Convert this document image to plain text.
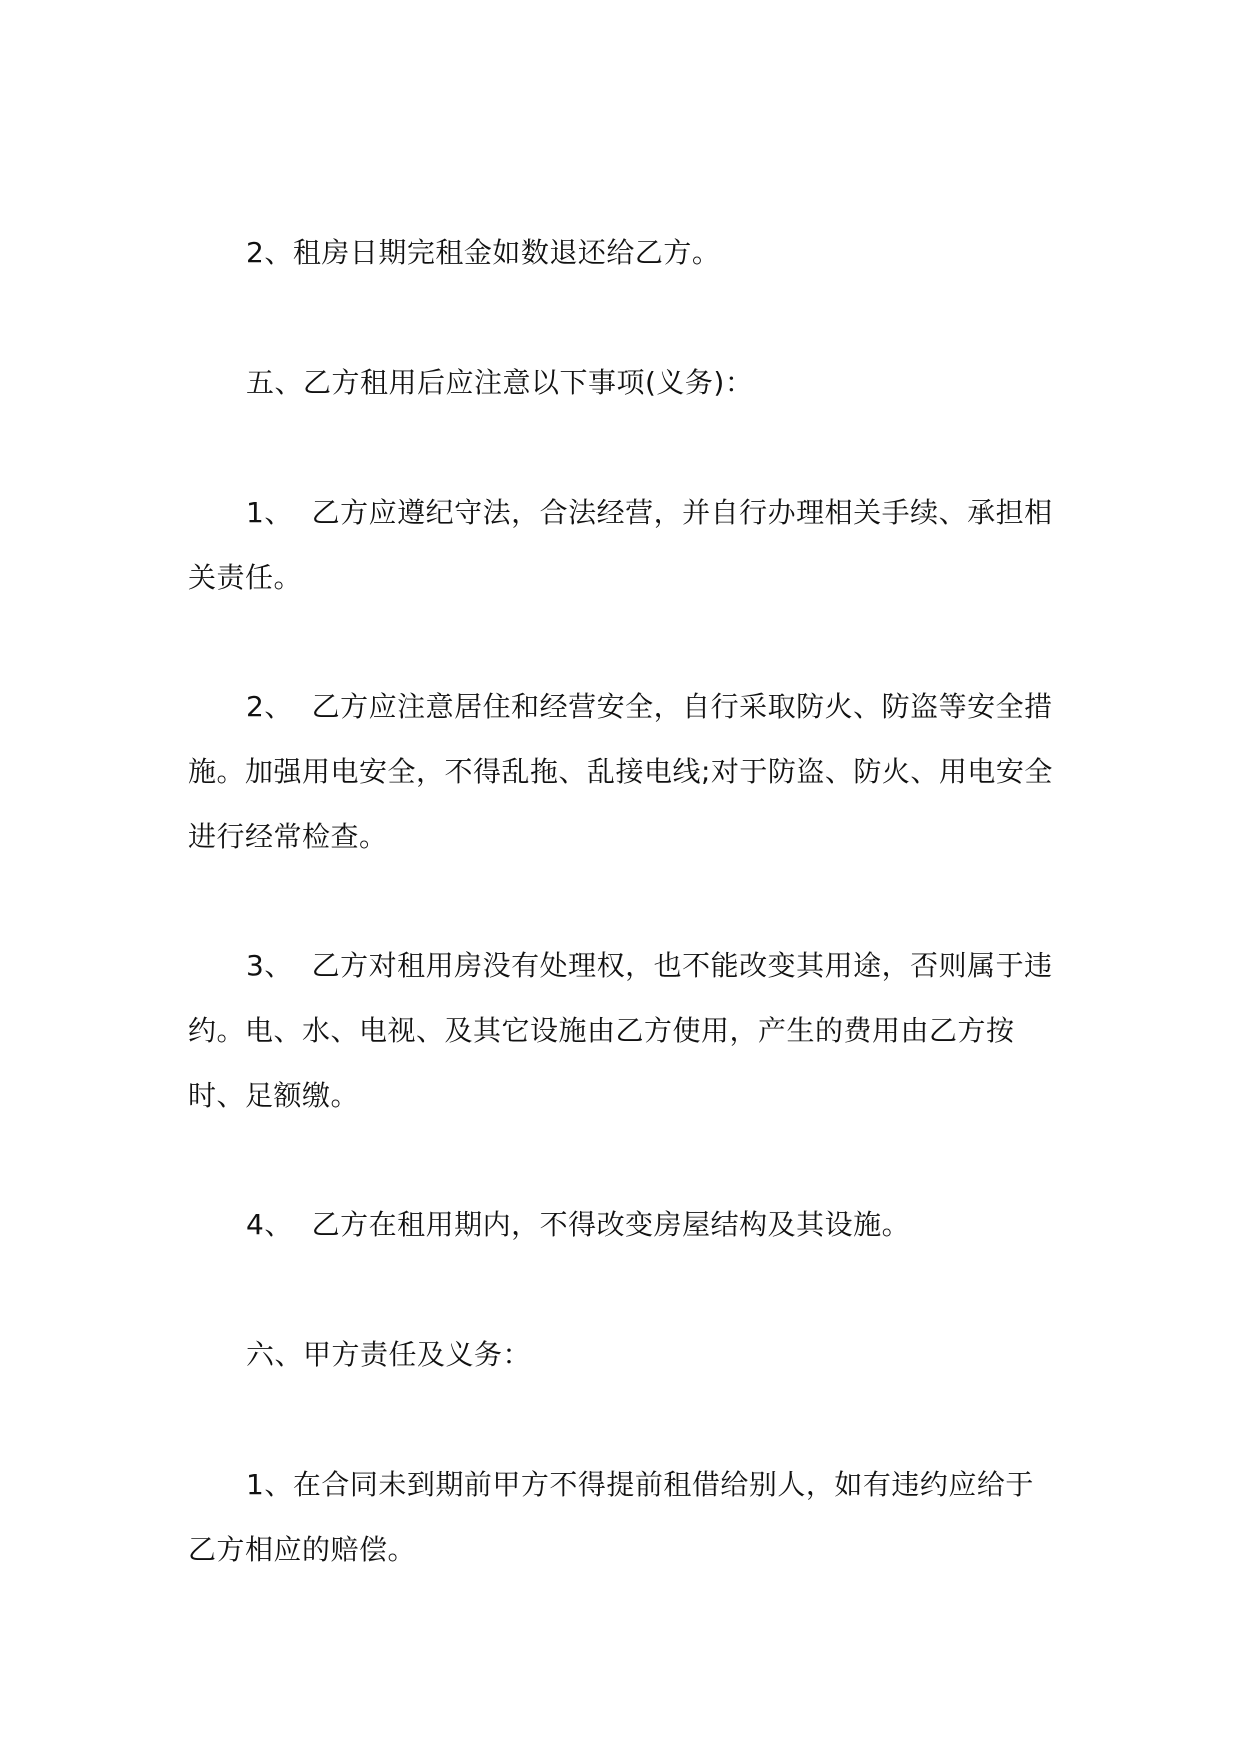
2、租房日期完租金如数退还给乙方。

五、乙方租用后应注意以下事项(义务)：

1、  乙方应遵纪守法，合法经营，并自行办理相关手续、承担相关责任。

2、  乙方应注意居住和经营安全，自行采取防火、防盗等安全措施。加强用电安全，不得乱拖、乱接电线;对于防盗、防火、用电安全进行经常检查。

3、  乙方对租用房没有处理权，也不能改变其用途，否则属于违约。电、水、电视、及其它设施由乙方使用，产生的费用由乙方按时、足额缴。

4、  乙方在租用期内，不得改变房屋结构及其设施。

六、甲方责任及义务：

1、在合同未到期前甲方不得提前租借给别人，如有违约应给于乙方相应的赔偿。
